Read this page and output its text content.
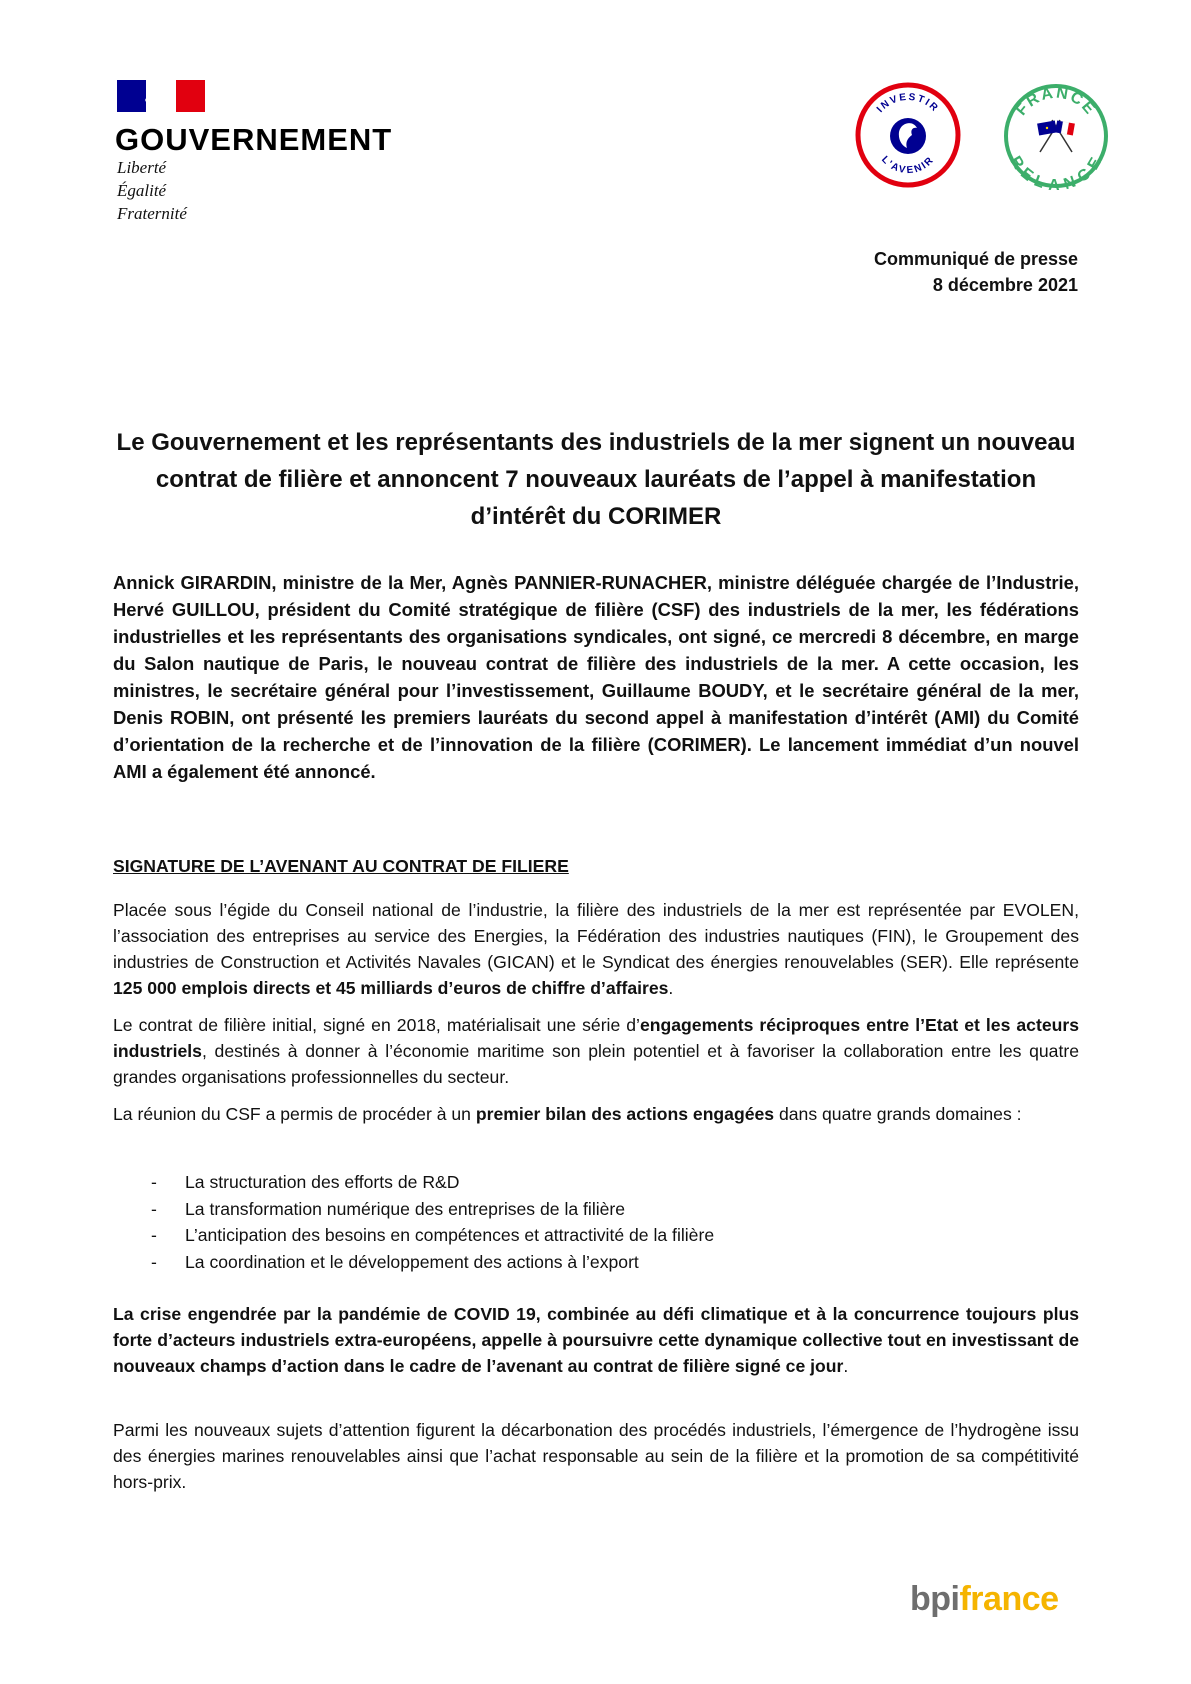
GOUVERNEMENT
Liberté
Égalité
Fraternité
INVESTIR
L'AVENIR
FRANCE
RELANCE
Communiqué de presse
8 décembre 2021
Le Gouvernement et les représentants des industriels de la mer signent un nouveau contrat de filière et annoncent 7 nouveaux lauréats de l’appel à manifestation d’intérêt du CORIMER

Annick GIRARDIN, ministre de la Mer, Agnès PANNIER-RUNACHER, ministre déléguée chargée de l’Industrie, Hervé GUILLOU, président du Comité stratégique de filière (CSF) des industriels de la mer, les fédérations industrielles et les représentants des organisations syndicales, ont signé, ce mercredi 8 décembre, en marge du Salon nautique de Paris, le nouveau contrat de filière des industriels de la mer. A cette occasion, les ministres, le secrétaire général pour l’investissement, Guillaume BOUDY, et le secrétaire général de la mer, Denis ROBIN, ont présenté les premiers lauréats du second appel à manifestation d’intérêt (AMI) du Comité d’orientation de la recherche et de l’innovation de la filière (CORIMER). Le lancement immédiat d’un nouvel AMI a également été annoncé.

SIGNATURE DE L’AVENANT AU CONTRAT DE FILIERE

Placée sous l’égide du Conseil national de l’industrie, la filière des industriels de la mer est représentée par EVOLEN, l’association des entreprises au service des Energies, la Fédération des industries nautiques (FIN), le Groupement des industries de Construction et Activités Navales (GICAN) et le Syndicat des énergies renouvelables (SER). Elle représente 125 000 emplois directs et 45 milliards d’euros de chiffre d’affaires.

Le contrat de filière initial, signé en 2018, matérialisait une série d’engagements réciproques entre l’Etat et les acteurs industriels, destinés à donner à l’économie maritime son plein potentiel et à favoriser la collaboration entre les quatre grandes organisations professionnelles du secteur.

La réunion du CSF a permis de procéder à un premier bilan des actions engagées dans quatre grands domaines :

- La structuration des efforts de R&D
- La transformation numérique des entreprises de la filière
- L’anticipation des besoins en compétences et attractivité de la filière
- La coordination et le développement des actions à l’export

La crise engendrée par la pandémie de COVID 19, combinée au défi climatique et à la concurrence toujours plus forte d’acteurs industriels extra-européens, appelle à poursuivre cette dynamique collective tout en investissant de nouveaux champs d’action dans le cadre de l’avenant au contrat de filière signé ce jour.

Parmi les nouveaux sujets d’attention figurent la décarbonation des procédés industriels, l’émergence de l’hydrogène issu des énergies marines renouvelables ainsi que l’achat responsable au sein de la filière et la promotion de sa compétitivité hors-prix.

bpifrance
